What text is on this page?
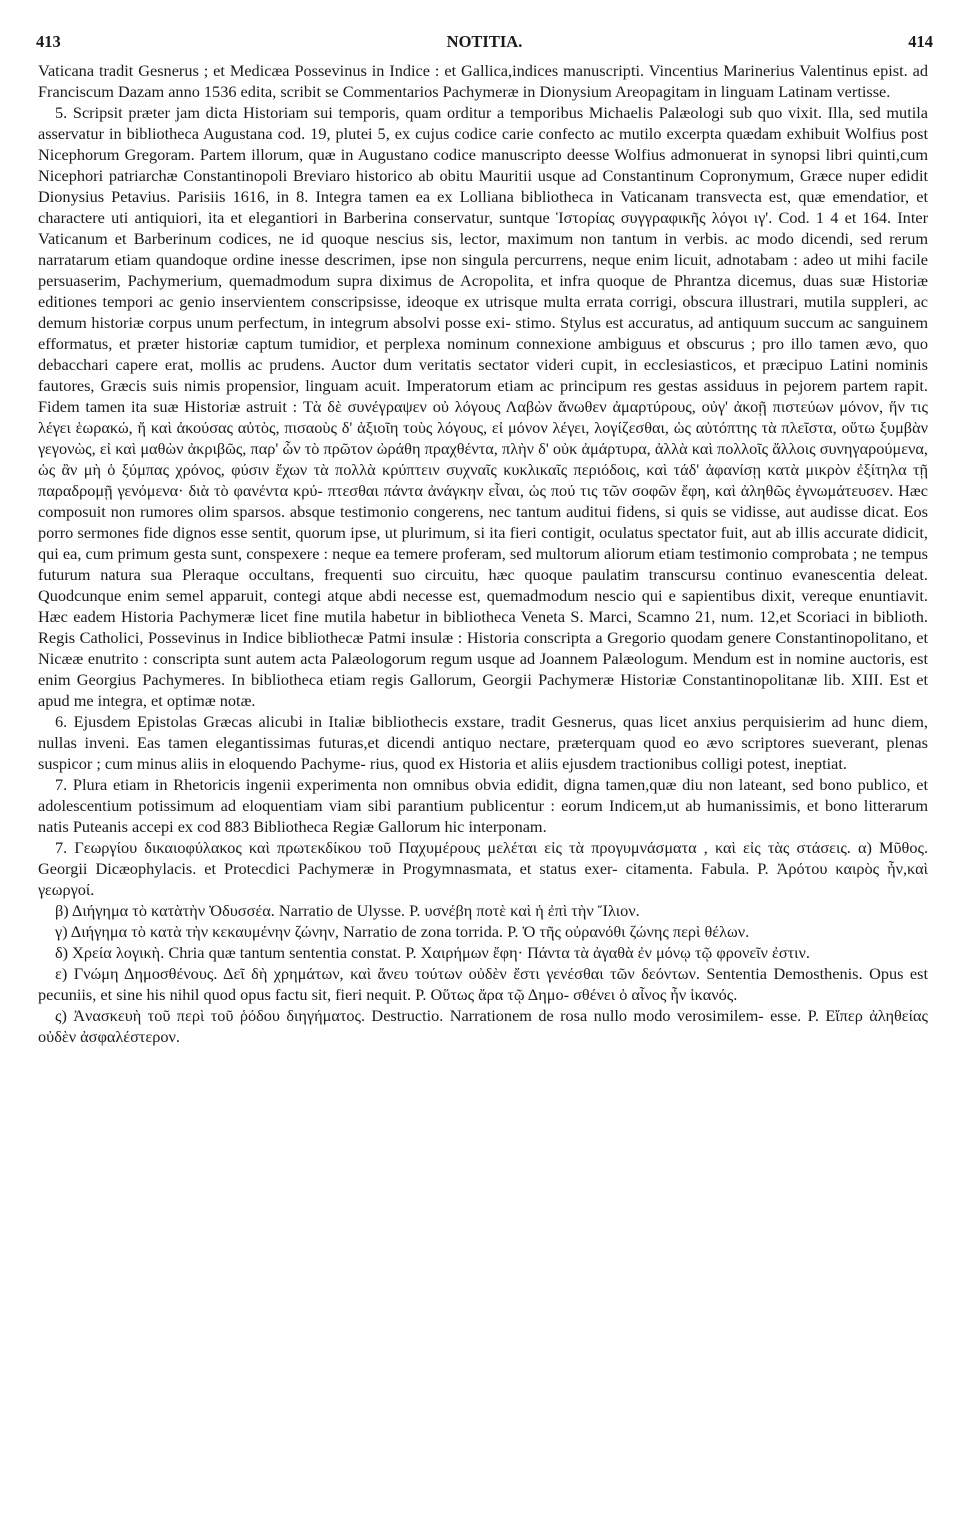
413	NOTITIA.	414

Vaticana tradit Gesnerus ; et Medicæa Possevinus in Indice : et Gallica,indices manuscripti. Vincentius Marinerius Valentinus epist. ad Franciscum Dazam anno 1536 edita, scribit se Commentarios Pachymeræ in Dionysium Areopagitam in linguam Latinam vertisse.

5. Scripsit præter jam dicta Historiam sui temporis, quam orditur a temporibus Michaelis Palæologi sub quo vixit. Illa, sed mutila asservatur in bibliotheca Augustana cod. 19, plutei 5, ex cujus codice carie confecto ac mutilo excerpta quædam exhibuit Wolfius post Nicephorum Gregoram. Partem illorum, quæ in Augustano codice manuscripto deesse Wolfius admonuerat in synopsi libri quinti,cum Nicephori patriarchæ Constantinopoli Breviaro historico ab obitu Mauritii usque ad Constantinum Copronymum, Græce nuper edidit Dionysius Petavius. Parisiis 1616, in 8. Integra tamen ea ex Lolliana bibliotheca in Vaticanam transvecta est, quæ emendatior, et charactere uti antiquiori, ita et elegantiori in Barberina conservatur, suntque Ἱστορίας συγγραφικῆς λόγοι ιγ'. Cod. 1 4 et 164. Inter Vaticanum et Barberinum codices, ne id quoque nescius sis, lector, maximum non tantum in verbis. ac modo dicendi, sed rerum narratarum etiam quandoque ordine inesse descrimen, ipse non singula percurrens, neque enim licuit, adnotabam : adeo ut mihi facile persuaserim, Pachymerium, quemadmodum supra diximus de Acropolita, et infra quoque de Phrantza dicemus, duas suæ Historiæ editiones tempori ac genio inservientem conscripsisse, ideoque ex utrisque multa errata corrigi, obscura illustrari, mutila suppleri, ac demum historiæ corpus unum perfectum, in integrum absolvi posse exi- stimo. Stylus est accuratus, ad antiquum succum ac sanguinem efformatus, et præter historiæ captum tumidior, et perplexa nominum connexione ambiguus et obscurus ; pro illo tamen ævo, quo debacchari capere erat, mollis ac prudens. Auctor dum veritatis sectator videri cupit, in ecclesiasticos, et præcipuo Latini nominis fautores, Græcis suis nimis propensior, linguam acuit. Imperatorum etiam ac principum res gestas assiduus in pejorem partem rapit. Fidem tamen ita suæ Historiæ astruit : Τὰ δὲ συνέγραψεν οὐ λόγους Λαβὼν ἄνωθεν ἀμαρτύρους, οὐγ' ἀκοῇ πιστεύων μόνον, ἥν τις λέγει ἑωρακώ, ἤ καὶ ἀκούσας αὐτὸς, πισαοὺς δ' ἀξιοῖη τοὺς λόγους, εἰ μόνον λέγει, λογίζεσθαι, ὡς αὐτόπτης τὰ πλεῖστα, οὕτω ξυμβὰν γεγονὼς, εἰ καὶ μαθὼν ἀκριβῶς, παρ' ὧν τὸ πρῶτον ὠράθη πραχθέντα, πλὴν δ' οὐκ ἀμάρτυρα, ἀλλὰ καὶ πολλοῖς ἄλλοις συνηγαρούμενα, ὡς ἂν μὴ ὁ ξύμπας χρόνος, φύσιν ἔχων τὰ πολλὰ κρύπτειν συχναῖς κυκλικαῖς περιόδοις, καὶ τάδ' ἀφανίσῃ κατὰ μικρὸν ἐξίτηλα τῇ παραδρομῇ γενόμενα· διὰ τὸ φανέντα κρύ- πτεσθαι πάντα ἀνάγκην εἶναι, ὡς πού τις τῶν σοφῶν ἔφη, καὶ ἀληθῶς ἐγνωμάτευσεν. Hæc composuit non rumores olim sparsos. absque testimonio congerens, nec tantum auditui fidens, si quis se vidisse, aut audisse dicat. Eos porro sermones fide dignos esse sentit, quorum ipse, ut plurimum, si ita fieri contigit, oculatus spectator fuit, aut ab illis accurate didicit, qui ea, cum primum gesta sunt, conspexere : neque ea temere proferam, sed multorum aliorum etiam testimonio comprobata ; ne tempus futurum natura sua Pleraque occultans, frequenti suo circuitu, hæc quoque paulatim transcursu continuo evanescentia deleat. Quodcunque enim semel apparuit, contegi atque abdi necesse est, quemadmodum nescio qui e sapientibus dixit, vereque enuntiavit. Hæc eadem Historia Pachymeræ licet fine mutila habetur in bibliotheca Veneta S. Marci, Scamno 21, num. 12,et Scoriaci in biblioth. Regis Catholici, Possevinus in Indice bibliothecæ Patmi insulæ : Historia conscripta a Gregorio quodam genere Constantinopolitano, et Nicææ enutrito : conscripta sunt autem acta Palæologorum regum usque ad Joannem Palæologum. Mendum est in nomine auctoris, est enim Georgius Pachymeres. In bibliotheca etiam regis Gallorum, Georgii Pachymeræ Historiæ Constantinopolitanæ lib. XIII. Est et apud me integra, et optimæ notæ.

6. Ejusdem Epistolas Græcas alicubi in Italiæ bibliothecis exstare, tradit Gesnerus, quas licet anxius perquisierim ad hunc diem, nullas inveni. Eas tamen elegantissimas futuras,et dicendi antiquo nectare, præterquam quod eo ævo scriptores sueverant, plenas suspicor ; cum minus aliis in eloquendo Pachyme- rius, quod ex Historia et aliis ejusdem tractionibus colligi potest, ineptiat.

7. Plura etiam in Rhetoricis ingenii experimenta non omnibus obvia edidit, digna tamen,quæ diu non lateant, sed bono publico, et adolescentium potissimum ad eloquentiam viam sibi parantium publicentur : eorum Indicem,ut ab humanissimis, et bono litterarum natis Puteanis accepi ex cod 883 Bibliotheca Regiæ Gallorum hic interponam.

7. Γεωργίου δικαιοφύλακος καὶ πρωτεκδίκου τοῦ Παχυμέρους μελέται εἰς τὰ προγυμνάσματα , καὶ εἰς τὰς στάσεις. α) Μῦθος. Georgii Dicæophylacis. et Protecdici Pachymeræ in Progymnasmata, et status exer- citamenta. Fabula. P. Ἀρότου καιρὸς ἦν,καὶ γεωργοί.

β) Διήγημα τὸ κατὰτὴν Ὀδυσσέα. Narratio de Ulysse. P. υσνέβη ποτὲ καὶ ἡ ἐπὶ τὴν Ἴλιον.

γ) Διήγημα τὸ κατὰ τὴν κεκαυμένην ζώνην, Narratio de zona torrida. P. Ὁ τῆς οὐρανόθι ζώνης περὶ θέλων.

δ) Χρεία λογικὴ. Chria quæ tantum sententia constat. P. Χαιρήμων ἔφη· Πάντα τὰ ἀγαθὰ ἐν μόνῳ τῷ φρονεῖν ἐστιν.

ε) Γνώμη Δημοσθένους. Δεῖ δὴ χρημάτων, καὶ ἄνευ τούτων οὐδὲν ἔστι γενέσθαι τῶν δεόντων. Sententia Demosthenis. Opus est pecuniis, et sine his nihil quod opus factu sit, fieri nequit. P. Οὕτως ἄρα τῷ Δημο- σθένει ὁ αἶνος ἦν ἱκανός.

ς) Ἀνασκευὴ τοῦ περὶ τοῦ ῥόδου διηγήματος. Destructio. Narrationem de rosa nullo modo verosimilem- esse. P. Εἴπερ ἀληθείας οὐδὲν ἀσφαλέστερον.
